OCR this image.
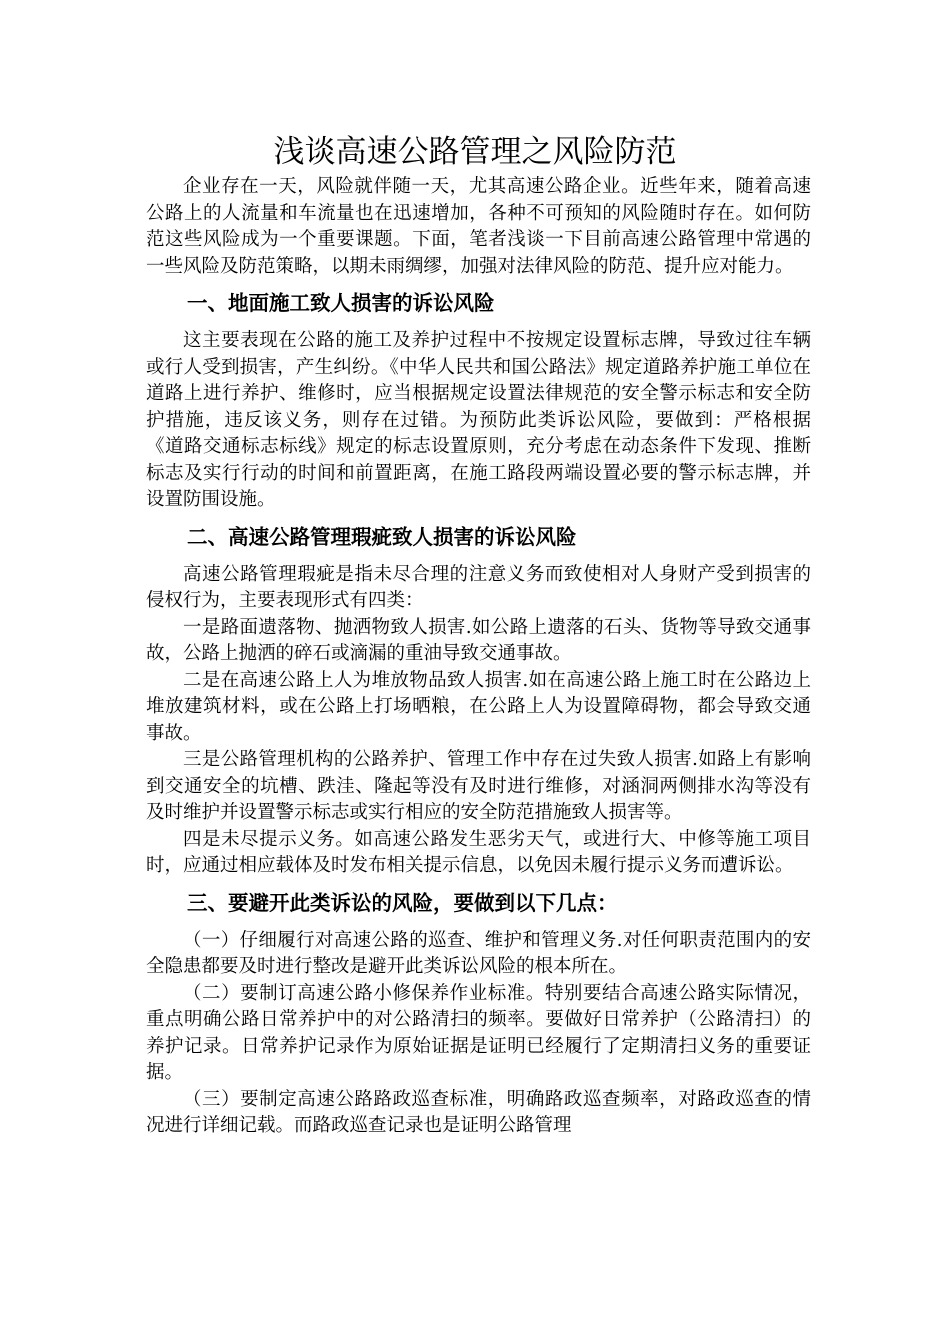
浅谈高速公路管理之风险防范

企业存在一天，风险就伴随一天，尤其高速公路企业。近些年来，随着高速公路上的人流量和车流量也在迅速增加，各种不可预知的风险随时存在。如何防范这些风险成为一个重要课题。下面，笔者浅谈一下目前高速公路管理中常遇的一些风险及防范策略，以期未雨绸缪，加强对法律风险的防范、提升应对能力。

一、地面施工致人损害的诉讼风险

这主要表现在公路的施工及养护过程中不按规定设置标志牌，导致过往车辆或行人受到损害，产生纠纷。《中华人民共和国公路法》规定道路养护施工单位在道路上进行养护、维修时，应当根据规定设置法律规范的安全警示标志和安全防护措施，违反该义务，则存在过错。为预防此类诉讼风险，要做到：严格根据《道路交通标志标线》规定的标志设置原则，充分考虑在动态条件下发现、推断标志及实行行动的时间和前置距离，在施工路段两端设置必要的警示标志牌，并设置防围设施。

二、高速公路管理瑕疵致人损害的诉讼风险

高速公路管理瑕疵是指未尽合理的注意义务而致使相对人身财产受到损害的侵权行为，主要表现形式有四类：

一是路面遗落物、抛洒物致人损害.如公路上遗落的石头、货物等导致交通事故，公路上抛洒的碎石或滴漏的重油导致交通事故。

二是在高速公路上人为堆放物品致人损害.如在高速公路上施工时在公路边上堆放建筑材料，或在公路上打场晒粮，在公路上人为设置障碍物，都会导致交通事故。

三是公路管理机构的公路养护、管理工作中存在过失致人损害.如路上有影响到交通安全的坑槽、跌洼、隆起等没有及时进行维修，对涵洞两侧排水沟等没有及时维护并设置警示标志或实行相应的安全防范措施致人损害等。

四是未尽提示义务。如高速公路发生恶劣天气，或进行大、中修等施工项目时，应通过相应载体及时发布相关提示信息，以免因未履行提示义务而遭诉讼。

三、要避开此类诉讼的风险，要做到以下几点：

（一）仔细履行对高速公路的巡查、维护和管理义务.对任何职责范围内的安全隐患都要及时进行整改是避开此类诉讼风险的根本所在。

（二）要制订高速公路小修保养作业标准。特别要结合高速公路实际情况，重点明确公路日常养护中的对公路清扫的频率。要做好日常养护（公路清扫）的养护记录。日常养护记录作为原始证据是证明已经履行了定期清扫义务的重要证据。

（三）要制定高速公路路政巡查标准，明确路政巡查频率，对路政巡查的情况进行详细记载。而路政巡查记录也是证明公路管理
